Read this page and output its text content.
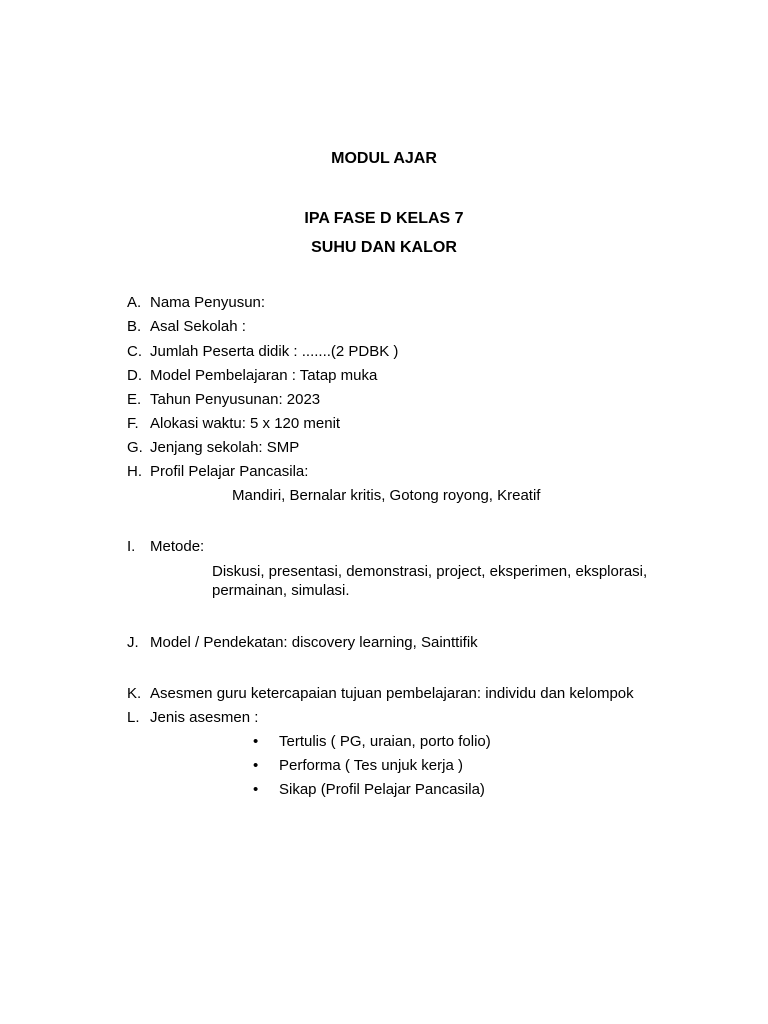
MODUL AJAR
IPA FASE D KELAS 7
SUHU DAN KALOR
A. Nama Penyusun:
B. Asal Sekolah :
C. Jumlah Peserta didik : .......(2 PDBK )
D. Model Pembelajaran : Tatap muka
E. Tahun Penyusunan: 2023
F. Alokasi waktu: 5 x 120 menit
G. Jenjang sekolah: SMP
H. Profil Pelajar Pancasila:
Mandiri, Bernalar kritis, Gotong royong, Kreatif
I. Metode:
Diskusi, presentasi, demonstrasi, project, eksperimen, eksplorasi,
permainan, simulasi.
J. Model / Pendekatan: discovery learning, Sainttifik
K. Asesmen guru ketercapaian tujuan pembelajaran: individu dan kelompok
L. Jenis asesmen :
• Tertulis ( PG, uraian, porto folio)
• Performa ( Tes unjuk kerja )
• Sikap (Profil Pelajar Pancasila)
